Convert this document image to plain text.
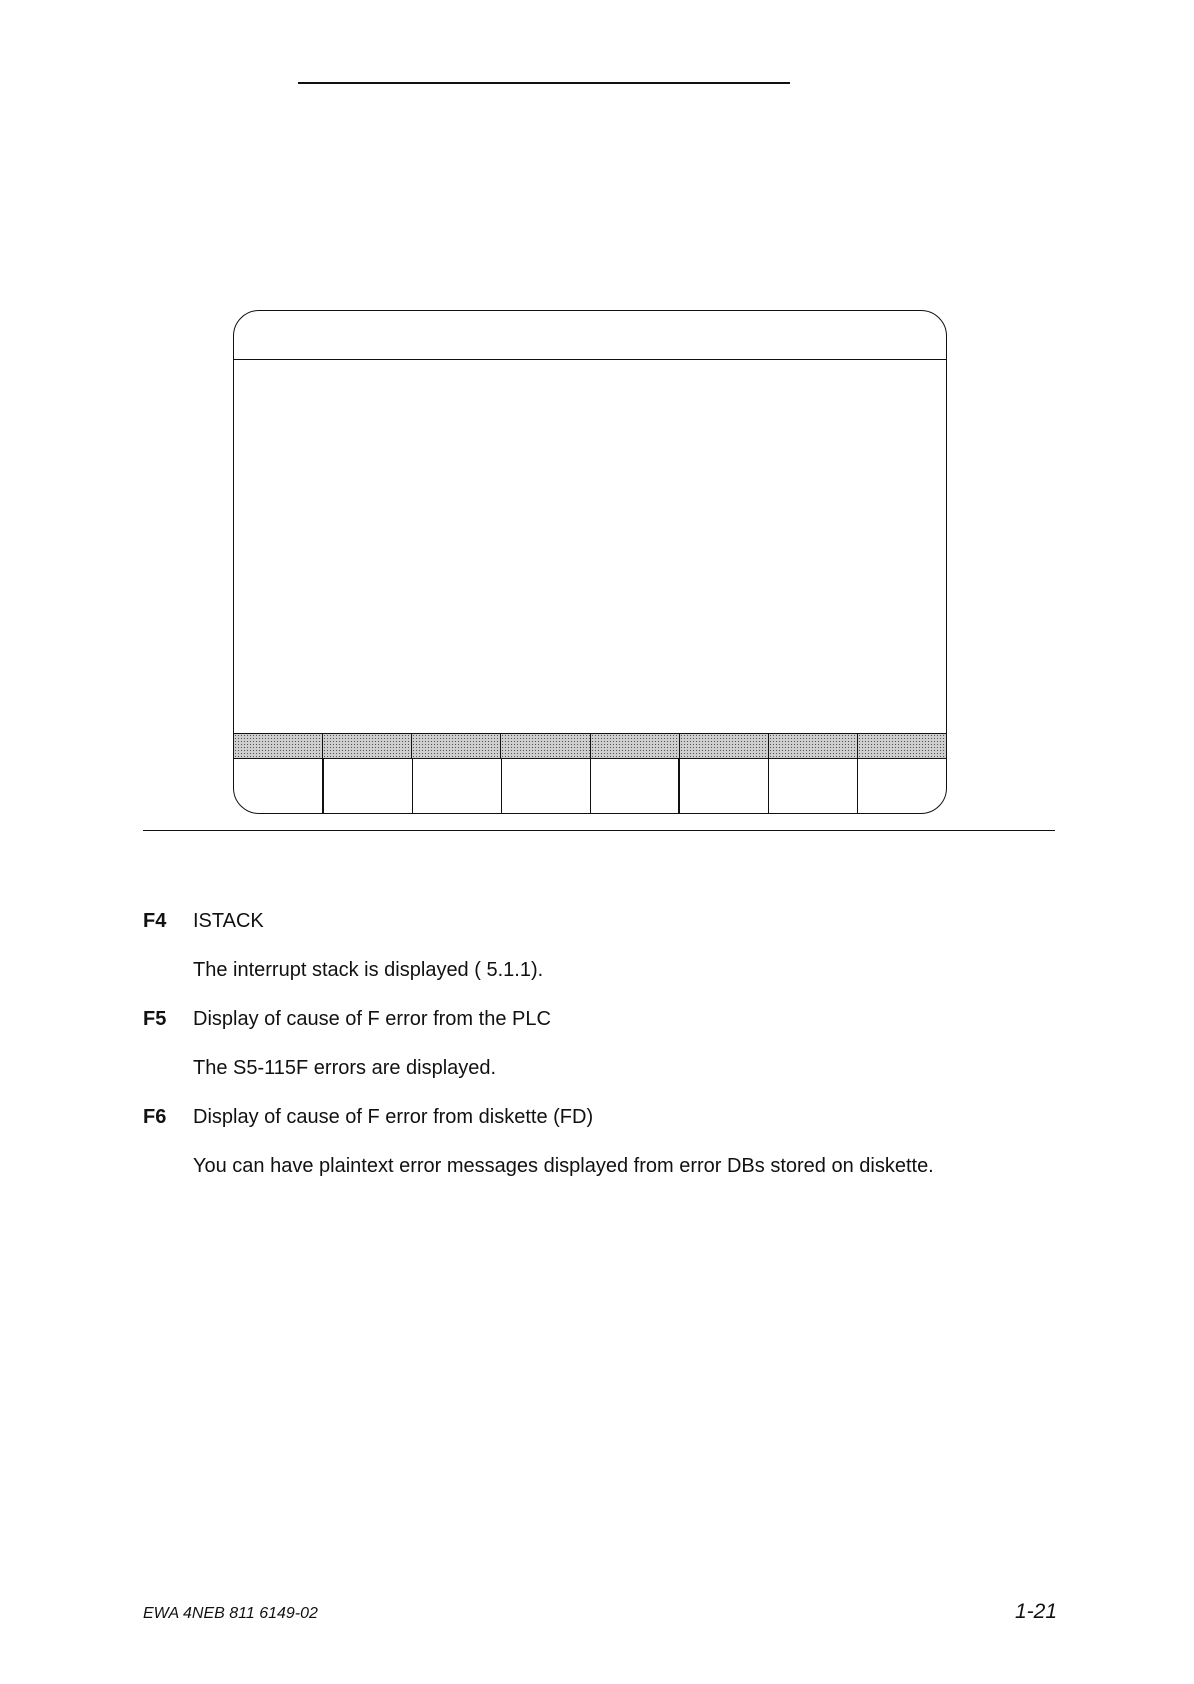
F4 ISTACK
The interrupt stack is displayed ( 5.1.1).
F5 Display of cause of F error from the PLC
The S5-115F errors are displayed.
F6 Display of cause of F error from diskette (FD)
You can have plaintext error messages displayed from error DBs stored on diskette.
EWA 4NEB 811 6149-02	1-21
